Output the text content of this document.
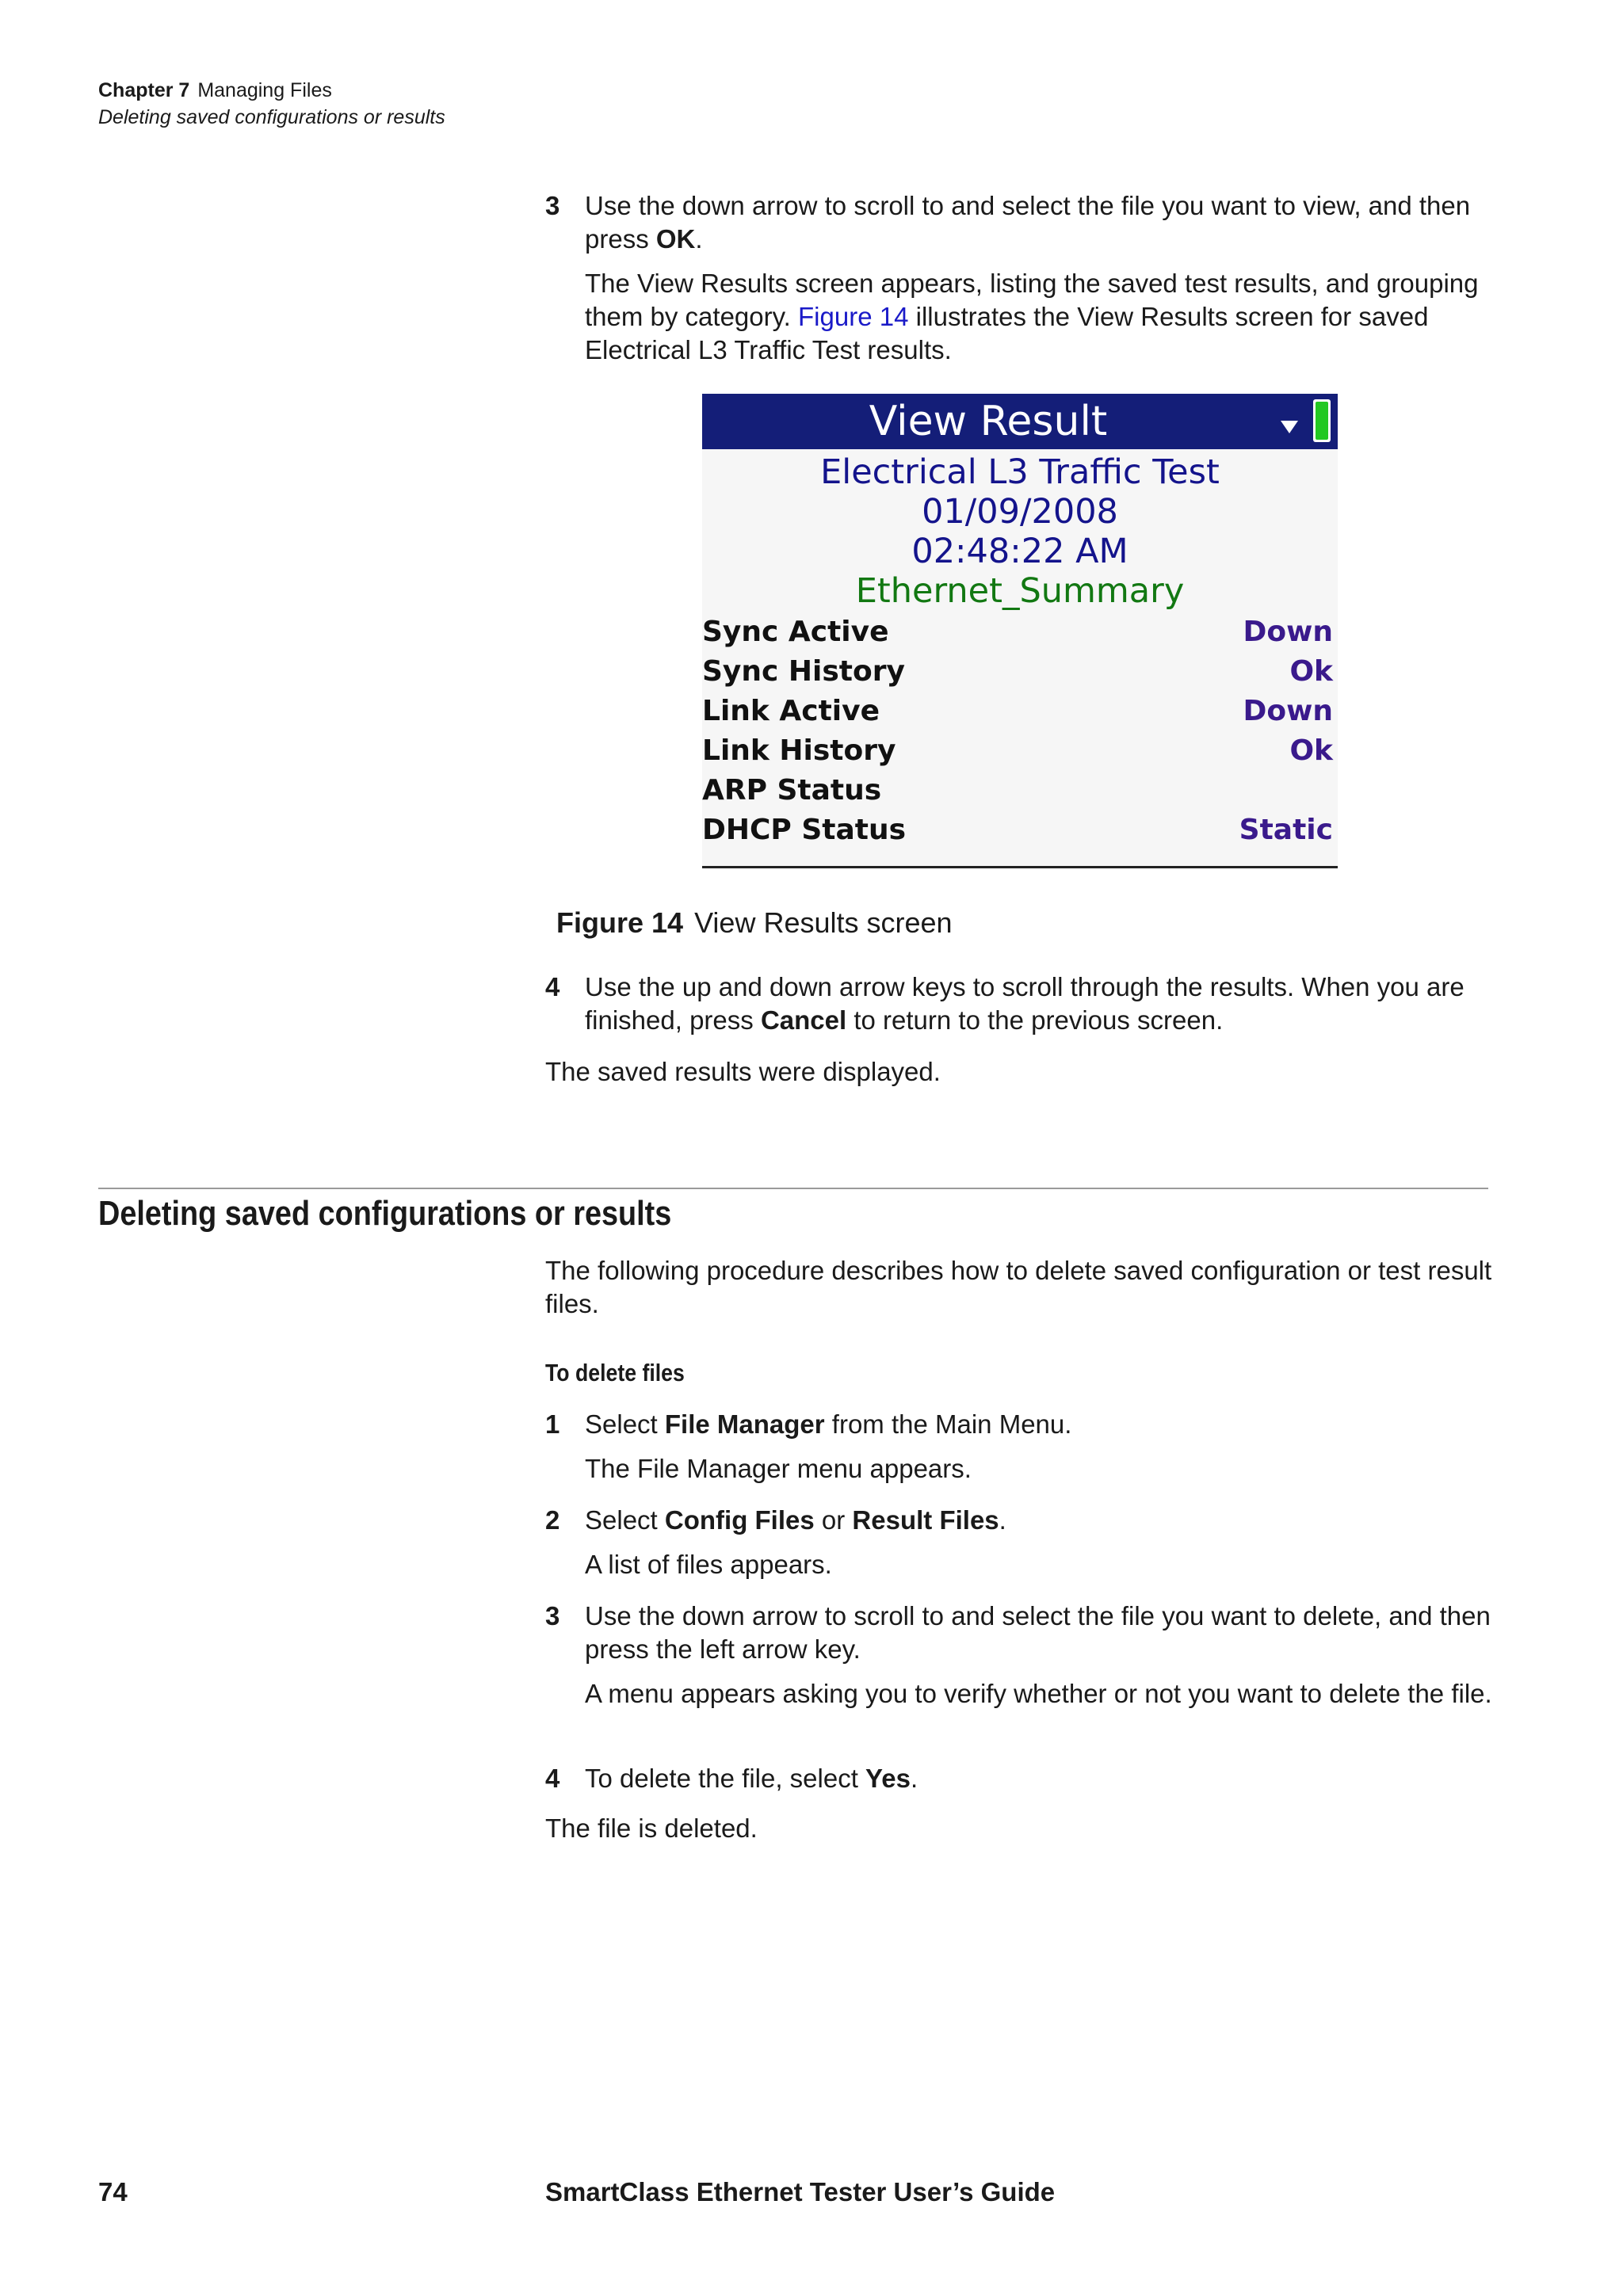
Chapter 7 Managing Files
Deleting saved configurations or results
3 Use the down arrow to scroll to and select the file you want to view, and then press OK.
The View Results screen appears, listing the saved test results, and grouping them by category. Figure 14 illustrates the View Results screen for saved Electrical L3 Traffic Test results.
View Result
Electrical L3 Traffic Test
01/09/2008
02:48:22 AM
Ethernet_Summary
Sync Active	Down
Sync History	Ok
Link Active	Down
Link History	Ok
ARP Status
DHCP Status	Static
Figure 14 View Results screen
4 Use the up and down arrow keys to scroll through the results. When you are finished, press Cancel to return to the previous screen.
The saved results were displayed.
Deleting saved configurations or results
The following procedure describes how to delete saved configuration or test result files.
To delete files
1 Select File Manager from the Main Menu.
The File Manager menu appears.
2 Select Config Files or Result Files.
A list of files appears.
3 Use the down arrow to scroll to and select the file you want to delete, and then press the left arrow key.
A menu appears asking you to verify whether or not you want to delete the file.
4 To delete the file, select Yes.
The file is deleted.
74	SmartClass Ethernet Tester User’s Guide
